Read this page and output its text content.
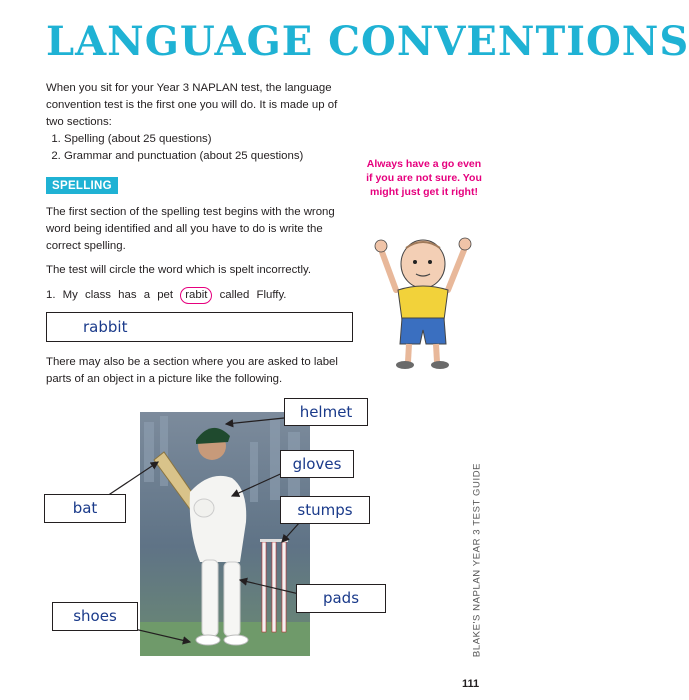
LANGUAGE CONVENTIONS

When you sit for your Year 3 NAPLAN test, the language convention test is the first one you will do. It is made up of two sections:

1. Spelling (about 25 questions)
2. Grammar and punctuation (about 25 questions)
SPELLING
The first section of the spelling test begins with the wrong word being identified and all you have to do is write the correct spelling.
The test will circle the word which is spelt incorrectly.
1. My class has a pet rabit called Fluffy.
rabbit
There may also be a section where you are asked to label parts of an object in a picture like the following.
Always have a go even if you are not sure. You might just get it right!
helmet
gloves
bat	stumps
pads
shoes	BLAKE'S NAPLAN YEAR 3 TEST GUIDE
111
